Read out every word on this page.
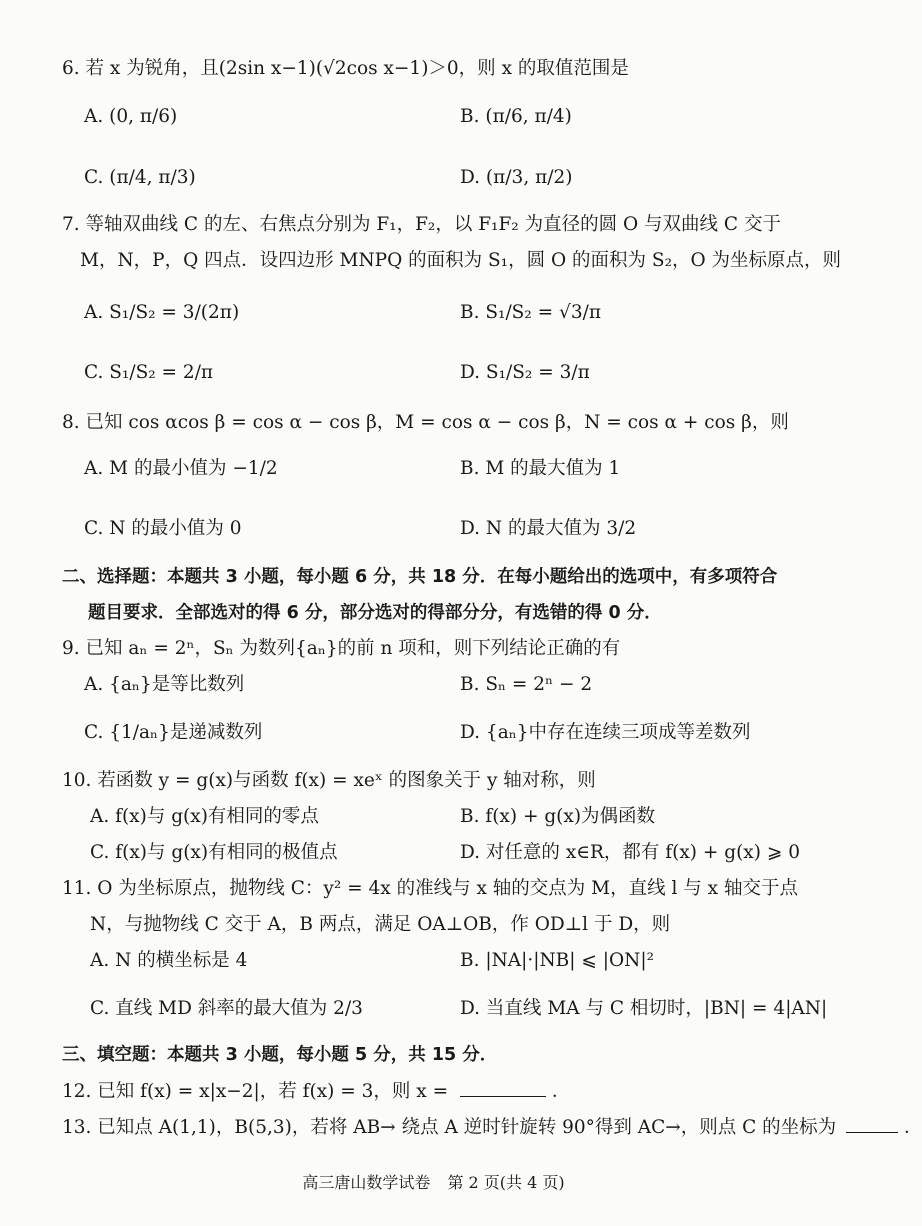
6. 若 x 为锐角，且(2sin x−1)(√2cos x−1)＞0，则 x 的取值范围是
A. (0, π/6)	B. (π/6, π/4)
C. (π/4, π/3)	D. (π/3, π/2)
7. 等轴双曲线 C 的左、右焦点分别为 F₁，F₂，以 F₁F₂ 为直径的圆 O 与双曲线 C 交于
M，N，P，Q 四点．设四边形 MNPQ 的面积为 S₁，圆 O 的面积为 S₂，O 为坐标原点，则
A. S₁/S₂ = 3/(2π)	B. S₁/S₂ = √3/π
C. S₁/S₂ = 2/π	D. S₁/S₂ = 3/π
8. 已知 cos αcos β = cos α − cos β，M = cos α − cos β，N = cos α + cos β，则
A. M 的最小值为 −1/2	B. M 的最大值为 1
C. N 的最小值为 0	D. N 的最大值为 3/2
二、选择题：本题共 3 小题，每小题 6 分，共 18 分．在每小题给出的选项中，有多项符合
题目要求．全部选对的得 6 分，部分选对的得部分分，有选错的得 0 分．
9. 已知 aₙ = 2ⁿ，Sₙ 为数列{aₙ}的前 n 项和，则下列结论正确的有
A. {aₙ}是等比数列	B. Sₙ = 2ⁿ − 2
C. {1/aₙ}是递减数列	D. {aₙ}中存在连续三项成等差数列
10. 若函数 y = g(x)与函数 f(x) = xeˣ 的图象关于 y 轴对称，则
A. f(x)与 g(x)有相同的零点	B. f(x) + g(x)为偶函数
C. f(x)与 g(x)有相同的极值点	D. 对任意的 x∈R，都有 f(x) + g(x) ⩾ 0
11. O 为坐标原点，抛物线 C：y² = 4x 的准线与 x 轴的交点为 M，直线 l 与 x 轴交于点
N，与抛物线 C 交于 A，B 两点，满足 OA⊥OB，作 OD⊥l 于 D，则
A. N 的横坐标是 4	B. |NA|·|NB| ⩽ |ON|²
C. 直线 MD 斜率的最大值为 2/3	D. 当直线 MA 与 C 相切时，|BN| = 4|AN|
三、填空题：本题共 3 小题，每小题 5 分，共 15 分．
12. 已知 f(x) = x|x−2|，若 f(x) = 3，则 x =	．
13. 已知点 A(1,1)，B(5,3)，若将 AB→ 绕点 A 逆时针旋转 90°得到 AC→，则点 C 的坐标为	．
高三唐山数学试卷 第 2 页(共 4 页)
